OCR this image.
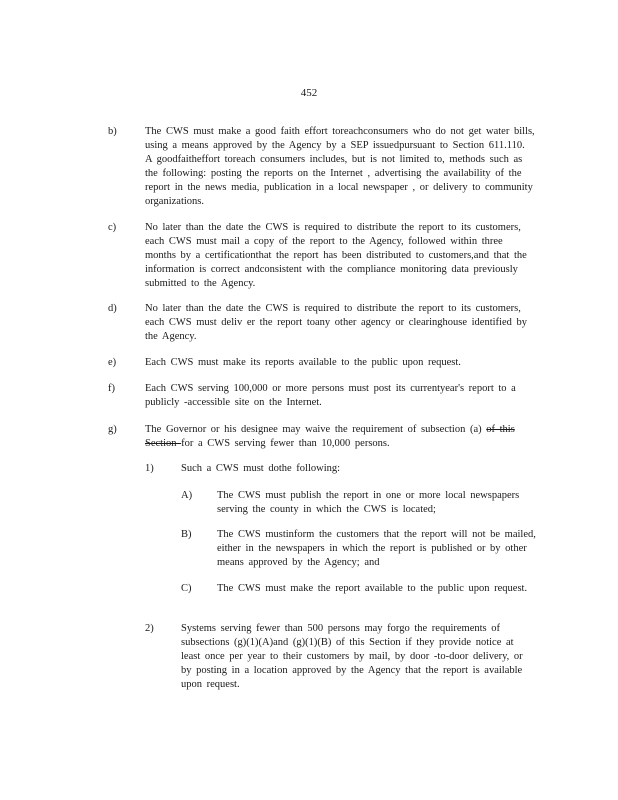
452
b)	The CWS must make a good faith effort toreachconsumers who do not get water bills, using a means approved by the Agency by a SEP issuedpursuant to Section 611.110. A goodfaitheffort toreach consumers includes, but is not limited to, methods such as the following: posting the reports on the Internet , advertising the availability of the report in the news media, publication in a local newspaper , or delivery to community organizations.
c)	No later than the date the CWS is required to distribute the report to its customers, each CWS must mail a copy of the report to the Agency, followed within three months by a certificationthat the report has been distributed to customers,and that the information is correct andconsistent with the compliance monitoring data previously submitted to the Agency.
d)	No later than the date the CWS is required to distribute the report to its customers, each CWS must deliv er the report toany other agency or clearinghouse identified by the Agency.
e)	Each CWS must make its reports available to the public upon request.
f)	Each CWS serving 100,000 or more persons must post its currentyear's report to a publicly -accessible site on the Internet.
g)	The Governor or his designee may waive the requirement of subsection (a) of this Section for a CWS serving fewer than 10,000 persons.
1)	Such a CWS must dothe following:
A) The CWS must publish the report in one or more local newspapers serving the county in which the CWS is located;
B) The CWS mustinform the customers that the report will not be mailed, either in the newspapers in which the report is published or by other means approved by the Agency; and
C) The CWS must make the report available to the public upon request.
2)	Systems serving fewer than 500 persons may forgo the requirements of subsections (g)(1)(A)and (g)(1)(B) of this Section if they provide notice at least once per year to their customers by mail, by door -to-door delivery, or by posting in a location approved by the Agency that the report is available upon request.
